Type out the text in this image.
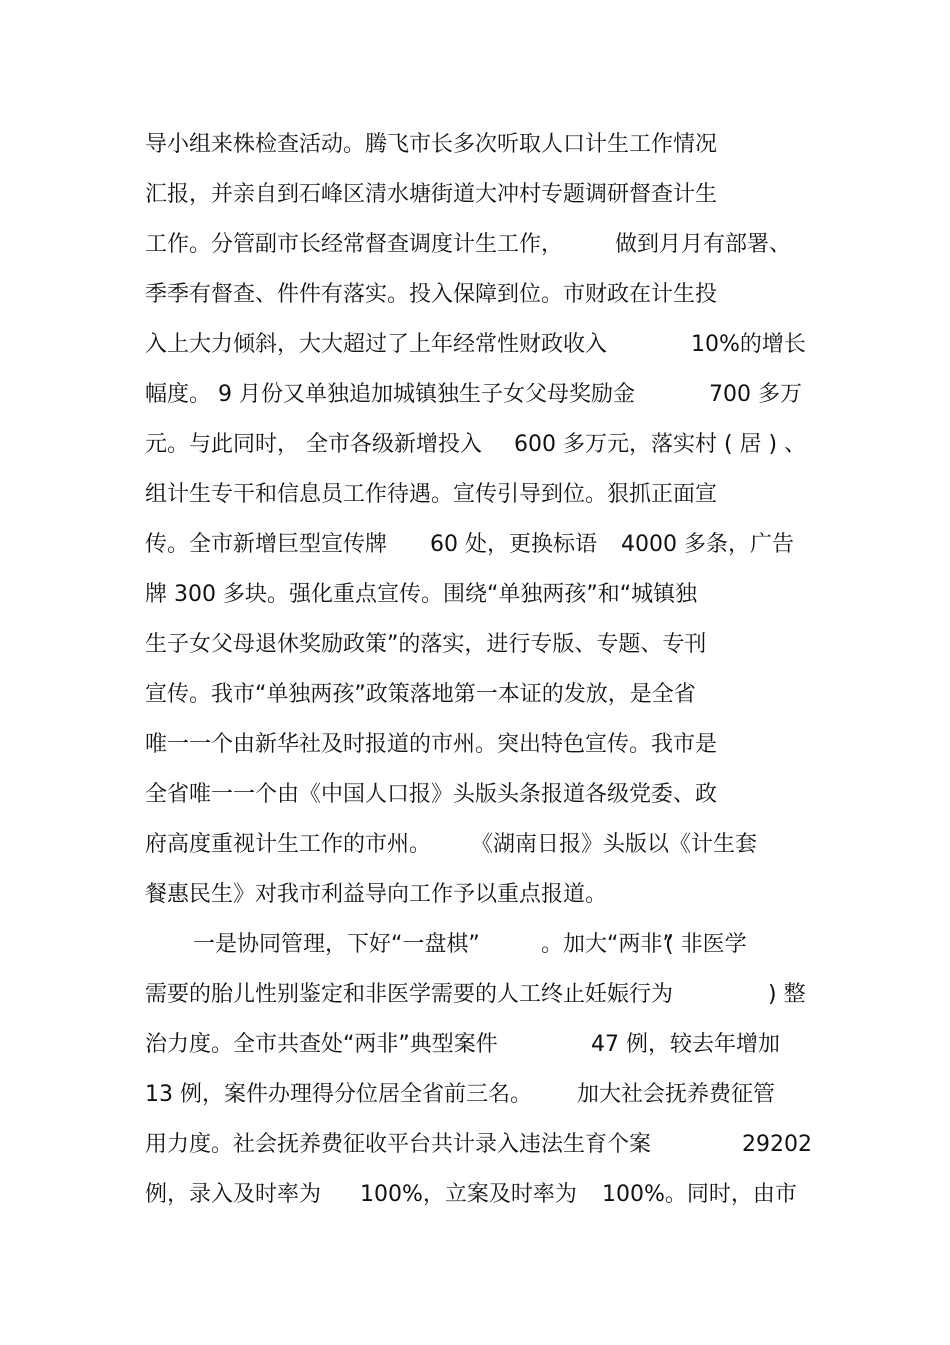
导小组来株检查活动。腾飞市长多次听取人口计生工作情况
汇报，并亲自到石峰区清水塘街道大冲村专题调研督查计生
工作。分管副市长经常督查调度计生工作， 做到月月有部署、
季季有督查、件件有落实。投入保障到位。市财政在计生投
入上大力倾斜，大大超过了上年经常性财政收入	10%的增长
幅度。 9 月份又单独追加城镇独生子女父母奖励金	700 多万
元。与此同时， 全市各级新增投入 600 多万元，落实村 ( 居 ) 、
组计生专干和信息员工作待遇。宣传引导到位。狠抓正面宣
传。全市新增巨型宣传牌 60 处，更换标语 4000 多条，广告
牌 300 多块。强化重点宣传。围绕“单独两孩”和“城镇独
生子女父母退休奖励政策”的落实，进行专版、专题、专刊
宣传。我市“单独两孩”政策落地第一本证的发放，是全省
唯一一个由新华社及时报道的市州。突出特色宣传。我市是
全省唯一一个由《中国人口报》头版头条报道各级党委、政
府高度重视计生工作的市州。 《湖南日报》头版以《计生套
餐惠民生》对我市利益导向工作予以重点报道。
一是协同管理，下好“一盘棋”	。加大“两非”
( 非医学
需要的胎儿性别鉴定和非医学需要的人工终止妊娠行为	) 整
治力度。全市共查处“两非”典型案件	47 例，较去年增加
13 例，案件办理得分位居全省前三名。 加大社会抚养费征管
用力度。社会抚养费征收平台共计录入违法生育个案	29202
例，录入及时率为 100%，立案及时率为 100%。同时，由市
